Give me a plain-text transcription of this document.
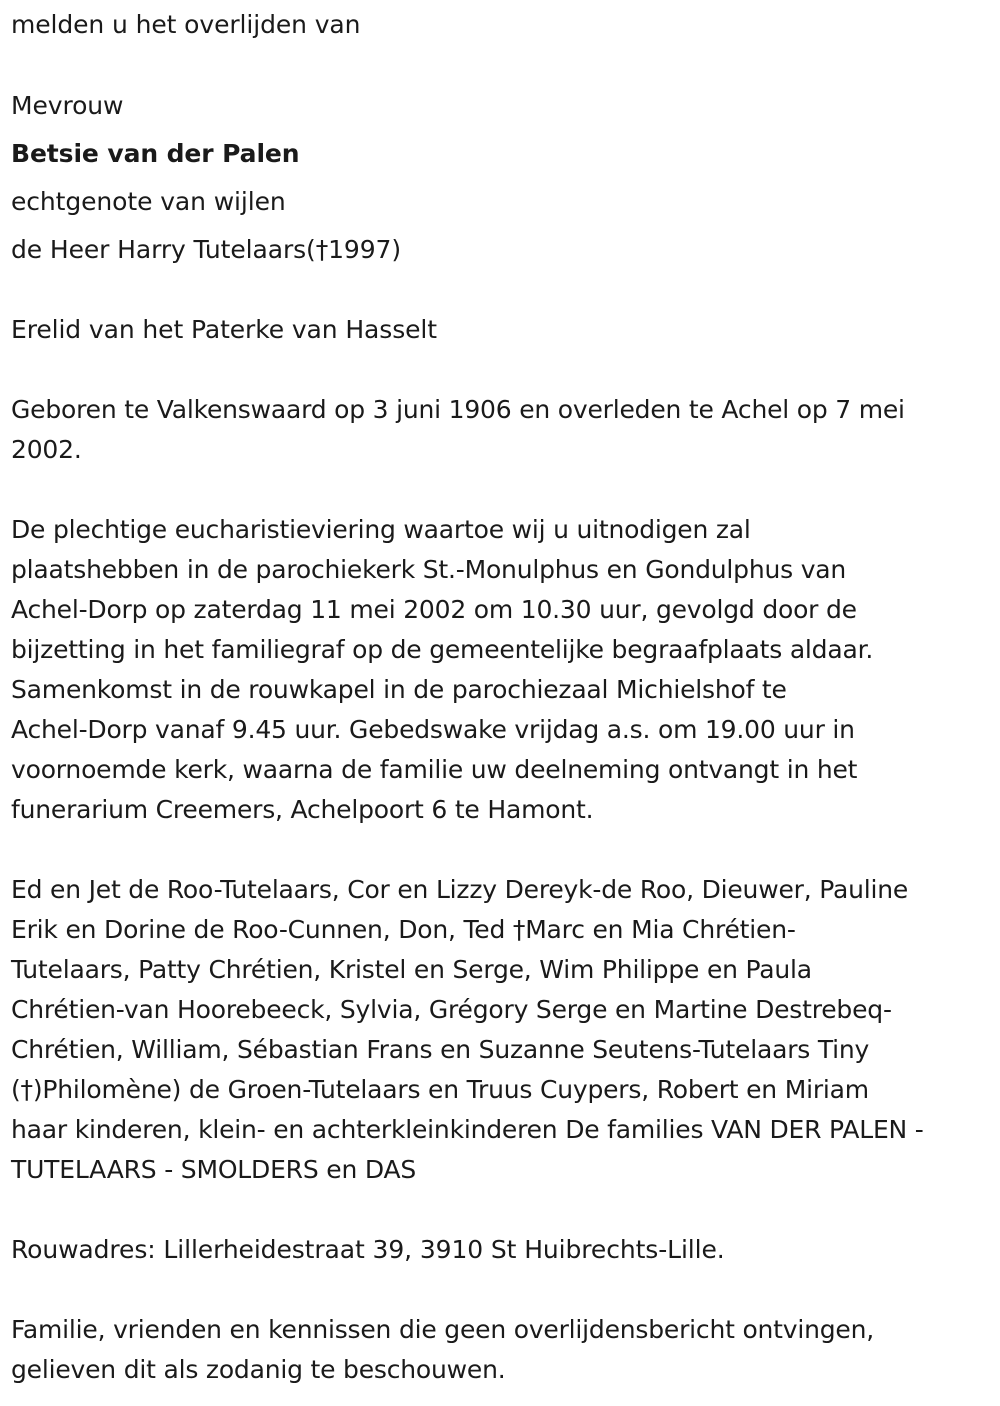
melden u het overlijden van
Mevrouw
Betsie van der Palen
echtgenote van wijlen
de Heer Harry Tutelaars(†1997)
Erelid van het Paterke van Hasselt
Geboren te Valkenswaard op 3 juni 1906 en overleden te Achel op 7 mei
2002.
De plechtige eucharistieviering waartoe wij u uitnodigen zal
plaatshebben in de parochiekerk St.-Monulphus en Gondulphus van
Achel-Dorp op zaterdag 11 mei 2002 om 10.30 uur, gevolgd door de
bijzetting in het familiegraf op de gemeentelijke begraafplaats aldaar.
Samenkomst in de rouwkapel in de parochiezaal Michielshof te
Achel-Dorp vanaf 9.45 uur. Gebedswake vrijdag a.s. om 19.00 uur in
voornoemde kerk, waarna de familie uw deelneming ontvangt in het
funerarium Creemers, Achelpoort 6 te Hamont.
Ed en Jet de Roo-Tutelaars, Cor en Lizzy Dereyk-de Roo, Dieuwer, Pauline
Erik en Dorine de Roo-Cunnen, Don, Ted †Marc en Mia Chrétien-
Tutelaars, Patty Chrétien, Kristel en Serge, Wim Philippe en Paula
Chrétien-van Hoorebeeck, Sylvia, Grégory Serge en Martine Destrebeq-
Chrétien, William, Sébastian Frans en Suzanne Seutens-Tutelaars Tiny
(†)Philomène) de Groen-Tutelaars en Truus Cuypers, Robert en Miriam
haar kinderen, klein- en achterkleinkinderen De families VAN DER PALEN -
TUTELAARS - SMOLDERS en DAS
Rouwadres: Lillerheidestraat 39, 3910 St Huibrechts-Lille.
Familie, vrienden en kennissen die geen overlijdensbericht ontvingen,
gelieven dit als zodanig te beschouwen.
